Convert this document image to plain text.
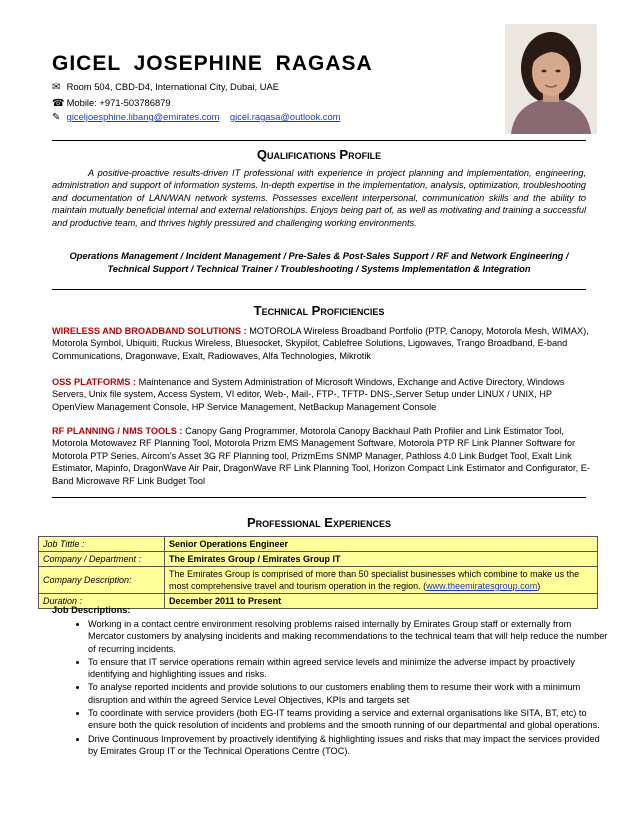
GICEL JOSEPHINE RAGASA
✉ Room 504, CBD-D4, International City, Dubai, UAE
☎ Mobile: +971-503786879
✎ giceljoesphine.libang@emirates.com gicel.ragasa@outlook.com
Qualifications Profile
A positive-proactive results-driven IT professional with experience in project planning and implementation, engineering, administration and support of information systems. In-depth expertise in the implementation, analysis, optimization, troubleshooting and documentation of LAN/WAN network systems. Possesses excellent interpersonal, communication skills and the ability to maintain mutually beneficial internal and external relationships. Enjoys being part of, as well as motivating and training a successful and productive team, and thrives highly pressured and challenging working environments.
Operations Management / Incident Management / Pre-Sales & Post-Sales Support / RF and Network Engineering /
Technical Support / Technical Trainer / Troubleshooting / Systems Implementation & Integration
Technical Proficiencies
WIRELESS AND BROADBAND SOLUTIONS : MOTOROLA Wireless Broadband Portfolio (PTP, Canopy, Motorola Mesh, WIMAX), Motorola Symbol, Ubiquiti, Ruckus Wireless, Bluesocket, Skypilot, Cablefree Solutions, Ligowaves, Trango Broadband, E-band Communications, Dragonwave, Exalt, Radiowaves, Alfa Technologies, Mikrotik
OSS PLATFORMS : Maintenance and System Administration of Microsoft Windows, Exchange and Active Directory, Windows Servers, Unix file system, Access System, VI editor, Web-, Mail-, FTP-, TFTP- DNS-,Server Setup under LINUX / UNIX, HP OpenView Management Console, HP Service Management, NetBackup Management Console
RF PLANNING / NMS TOOLS : Canopy Gang Programmer, Motorola Canopy Backhaul Path Profiler and Link Estimator Tool, Motorola Motowavez RF Planning Tool, Motorola Prizm EMS Management Software, Motorola PTP RF Link Planner Software for Motorola PTP Series, Aircom’s Asset 3G RF Planning tool, PrizmEms SNMP Manager, Pathloss 4.0 Link Budget Tool, Exalt Link Estimator, Mapinfo, DragonWave Air Pair, DragonWave RF Link Planning Tool, Horizon Compact Link Estimator and Configurator, E-Band Microwave RF Link Budget Tool
Professional Experiences
Job Tittle :	Senior Operations Engineer
Company / Department :	The Emirates Group / Emirates Group IT
Company Description:	The Emirates Group is comprised of more than 50 specialist businesses which combine to make us the most comprehensive travel and tourism operation in the region. (www.theemiratesgroup.com)
Duration :	December 2011 to Present
Job Descriptions:
• Working in a contact centre environment resolving problems raised internally by Emirates Group staff or externally from Mercator customers by analysing incidents and making recommendations to the technical team that will help reduce the number of recurring incidents.
• To ensure that IT service operations remain within agreed service levels and minimize the adverse impact by proactively identifying and highlighting issues and risks.
• To analyse reported incidents and provide solutions to our customers enabling them to resume their work with a minimum disruption and within the agreed Service Level Objectives, KPIs and targets set
• To coordinate with service providers (both EG-IT teams providing a service and external organisations like SITA, BT, etc) to ensure both the quick resolution of incidents and problems and the smooth running of our departmental and global operations.
• Drive Continuous Improvement by proactively identifying & highlighting issues and risks that may impact the services provided by Emirates Group IT or the Technical Operations Centre (TOC).
